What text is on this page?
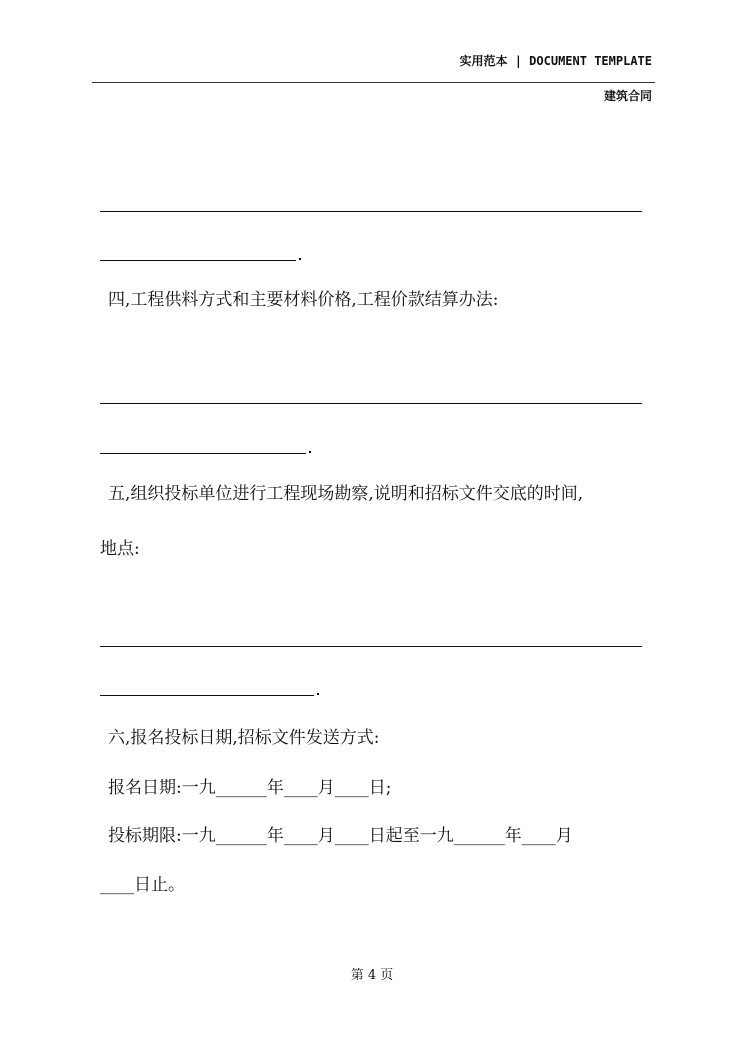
实用范本 | DOCUMENT TEMPLATE
建筑合同
四,工程供料方式和主要材料价格,工程价款结算办法:
五,组织投标单位进行工程现场勘察,说明和招标文件交底的时间,
地点:
六,报名投标日期,招标文件发送方式:
报名日期:一九______年____月____日;
投标期限:一九______年____月____日起至一九______年____月
____日止。
第 4 页
